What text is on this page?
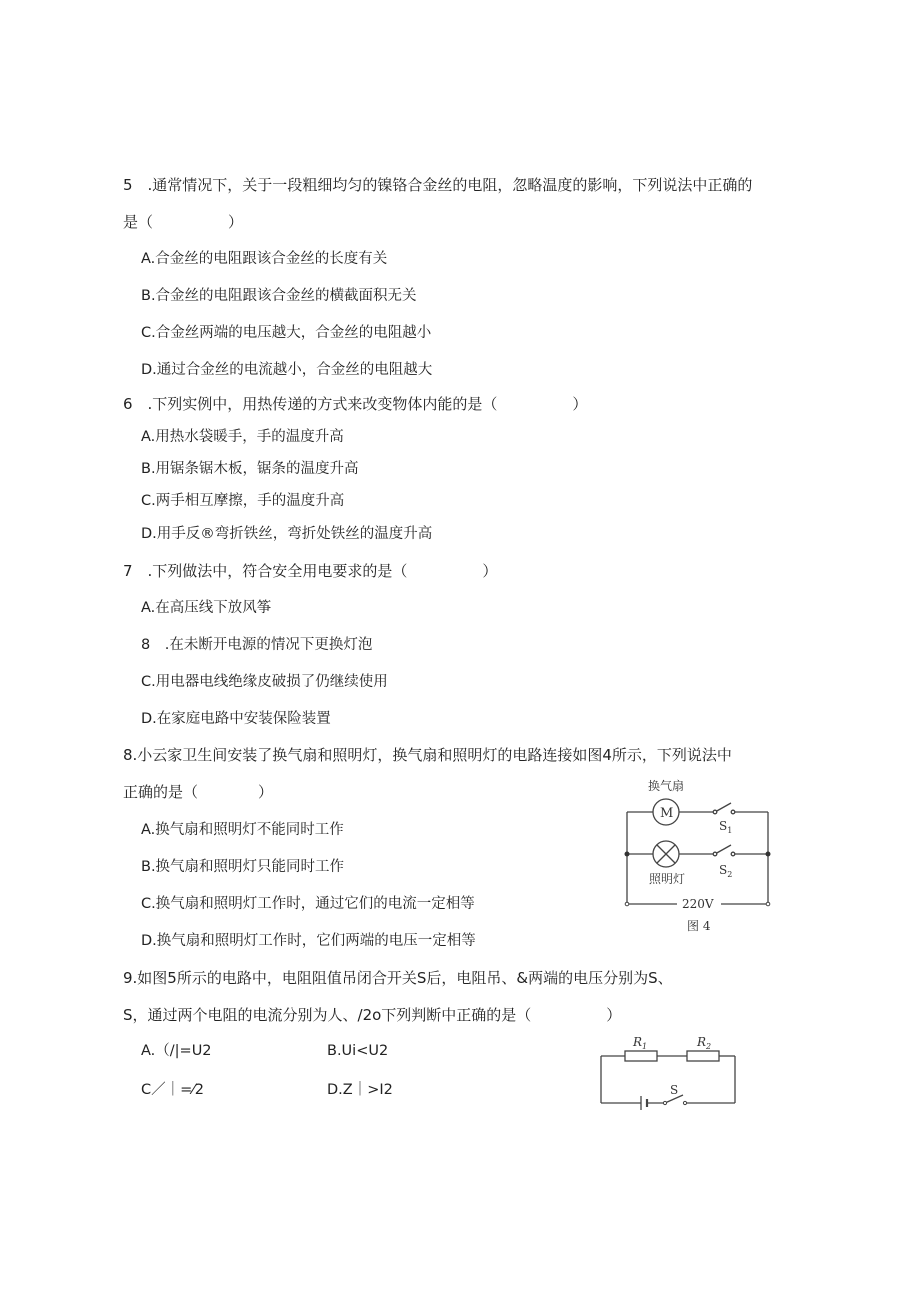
5　.通常情况下，关于一段粗细均匀的镍铬合金丝的电阻，忽略温度的影响，下列说法中正确的
是（　　　　　）
A.合金丝的电阻跟该合金丝的长度有关
B.合金丝的电阻跟该合金丝的横截面积无关
C.合金丝两端的电压越大，合金丝的电阻越小
D.通过合金丝的电流越小，合金丝的电阻越大
6　.下列实例中，用热传递的方式来改变物体内能的是（　　　　　）
A.用热水袋暖手，手的温度升高
B.用锯条锯木板，锯条的温度升高
C.两手相互摩擦，手的温度升高
D.用手反®弯折铁丝，弯折处铁丝的温度升高
7　.下列做法中，符合安全用电要求的是（　　　　　）
A.在高压线下放风筝
8　.在未断开电源的情况下更换灯泡
C.用电器电线绝缘皮破损了仍继续使用
D.在家庭电路中安装保险装置
8.小云家卫生间安装了换气扇和照明灯，换气扇和照明灯的电路连接如图4所示，下列说法中
正确的是（　　　　）
A.换气扇和照明灯不能同时工作
B.换气扇和照明灯只能同时工作
C.换气扇和照明灯工作时，通过它们的电流一定相等
D.换气扇和照明灯工作时，它们两端的电压一定相等
换气扇
M
$S_1$
照明灯
$S_2$
220V
图 4
9.如图5所示的电路中，电阻阻值吊闭合开关S后，电阻吊、&两端的电压分别为S、
S，通过两个电阻的电流分别为人、/2o下列判断中正确的是（　　　　　）
A.（/|=U2	B.Ui<U2
C／｜=⁄2	D.Z｜>I2
$R_1$	$R_2$
S
